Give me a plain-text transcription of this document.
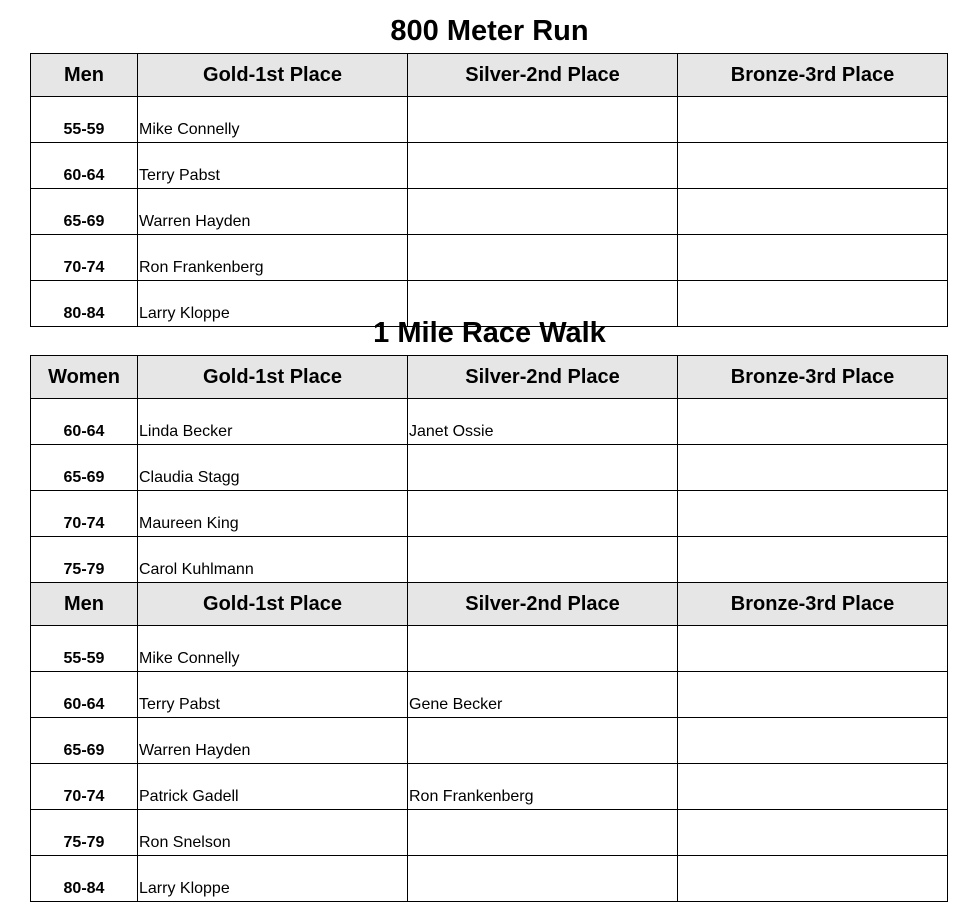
800 Meter Run
Men	Gold-1st Place	Silver-2nd Place	Bronze-3rd Place
55-59	Mike Connelly		
60-64	Terry Pabst		
65-69	Warren Hayden		
70-74	Ron Frankenberg		
80-84	Larry Kloppe		
1 Mile Race Walk
Women	Gold-1st Place	Silver-2nd Place	Bronze-3rd Place
60-64	Linda Becker	Janet Ossie	
65-69	Claudia Stagg		
70-74	Maureen King		
75-79	Carol Kuhlmann		
Men	Gold-1st Place	Silver-2nd Place	Bronze-3rd Place
55-59	Mike Connelly		
60-64	Terry Pabst	Gene Becker	
65-69	Warren Hayden		
70-74	Patrick Gadell	Ron Frankenberg	
75-79	Ron Snelson		
80-84	Larry Kloppe		
